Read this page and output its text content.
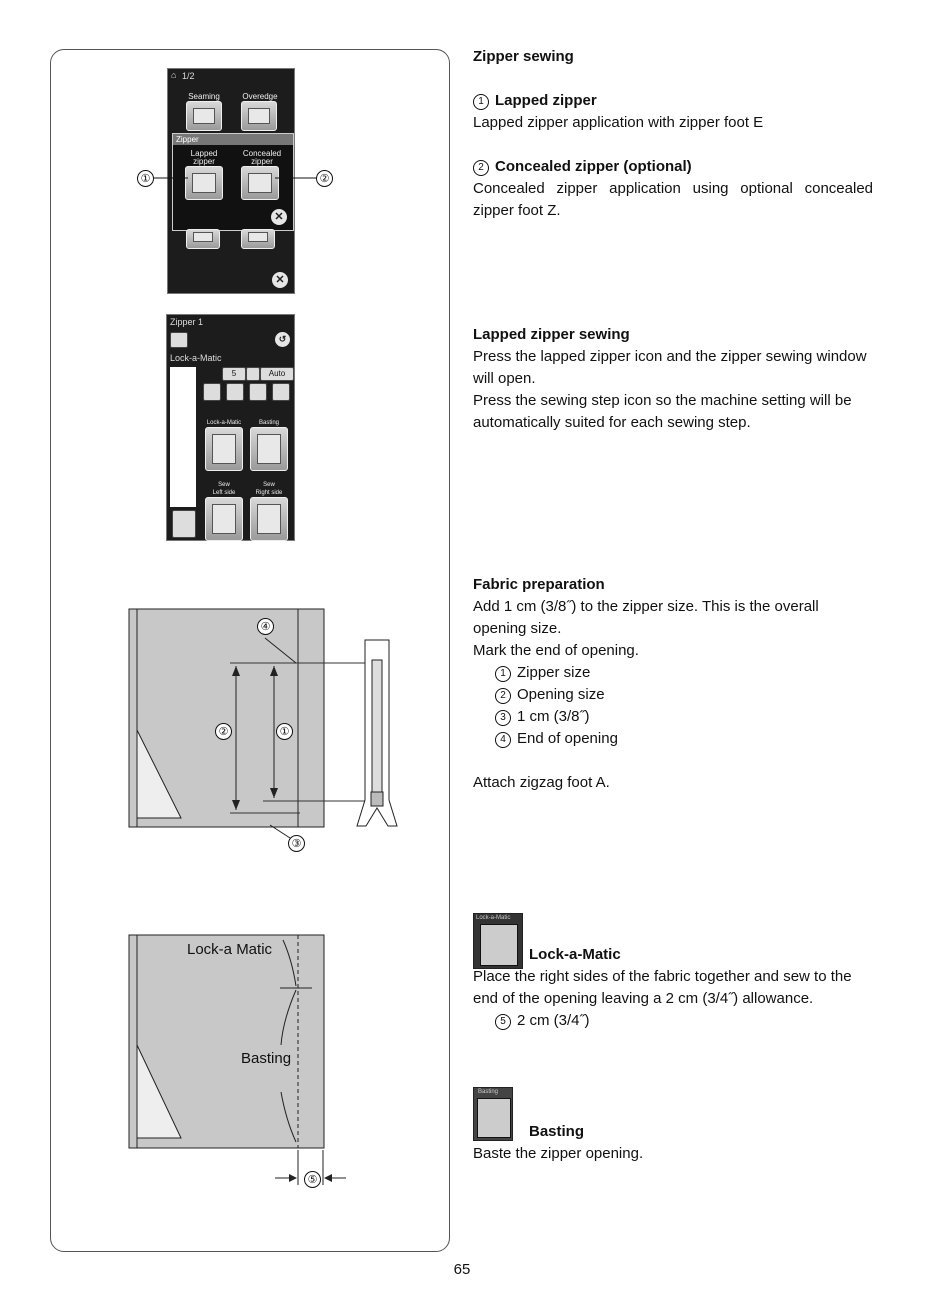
⌂ 1/2
Seaming	Overedge
Zipper
Lapped
zipper
Concealed
zipper
✕
✕
①	②
Zipper 1
↺
Lock-a-Matic
5	Auto
Lock-a-Matic	Basting
Sew
Left side
Sew
Right side
④
②	①
③
Lock-a Matic
Basting
⑤

Zipper sewing

1 Lapped zipper

Lapped zipper application with zipper foot E

2 Concealed zipper (optional)

Concealed zipper application using optional concealed zipper foot Z.

Lapped zipper sewing

Press the lapped zipper icon and the zipper sewing window will open.

Press the sewing step icon so the machine setting will be automatically suited for each sewing step.

Fabric preparation

Add 1 cm (3/8˝) to the zipper size. This is the overall opening size.

Mark the end of opening.

1 Zipper size

2 Opening size

3 1 cm (3/8˝)

4 End of opening

Attach zigzag foot A.

Lock-a-Matic

Lock-a-Matic

Place the right sides of the fabric together and sew to the end of the opening leaving a 2 cm (3/4˝) allowance.

5 2 cm (3/4˝)

Basting

Basting

Baste the zipper opening.

65
